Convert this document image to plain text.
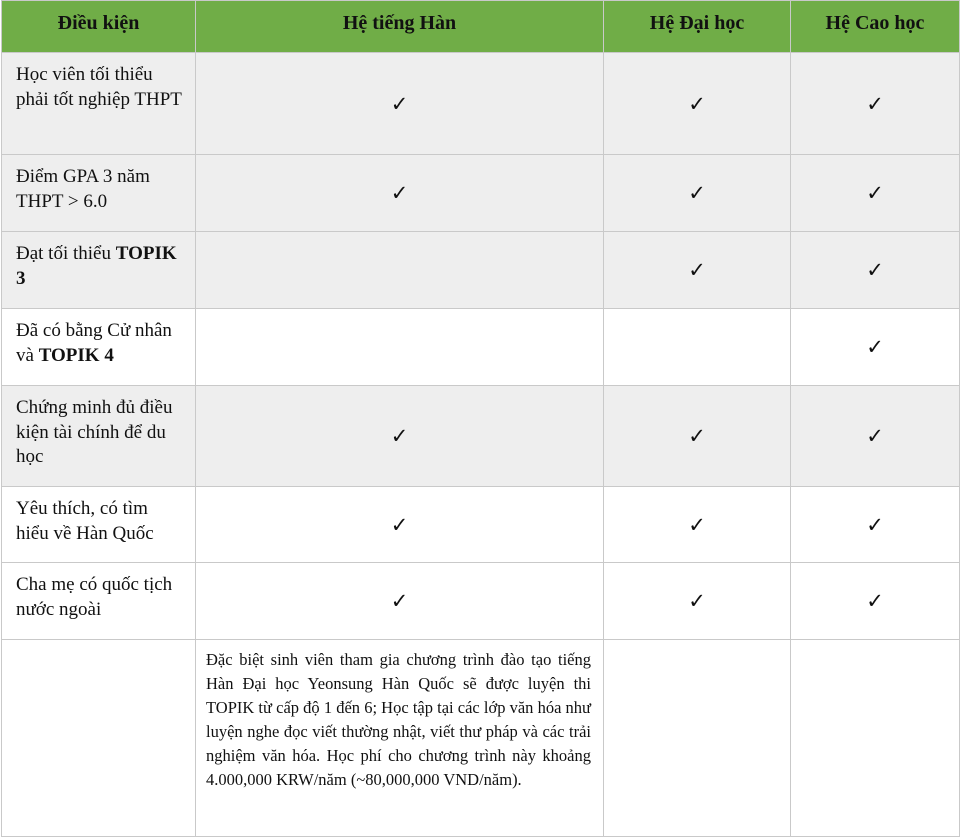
Điều kiện	Hệ tiếng Hàn	Hệ Đại học	Hệ Cao học
Học viên tối thiểu phải tốt nghiệp THPT	✓	✓	✓
Điểm GPA 3 năm THPT > 6.0	✓	✓	✓
Đạt tối thiểu TOPIK 3		✓	✓
Đã có bằng Cử nhân và TOPIK 4			✓
Chứng minh đủ điều kiện tài chính để du học	✓	✓	✓
Yêu thích, có tìm hiểu về Hàn Quốc	✓	✓	✓
Cha mẹ có quốc tịch nước ngoài	✓	✓	✓
	Đặc biệt sinh viên tham gia chương trình đào tạo tiếng Hàn Đại học Yeonsung Hàn Quốc sẽ được luyện thi TOPIK từ cấp độ 1 đến 6; Học tập tại các lớp văn hóa như luyện nghe đọc viết thường nhật, viết thư pháp và các trải nghiệm văn hóa. Học phí cho chương trình này khoảng 4.000,000 KRW/năm (~80,000,000 VND/năm).		
